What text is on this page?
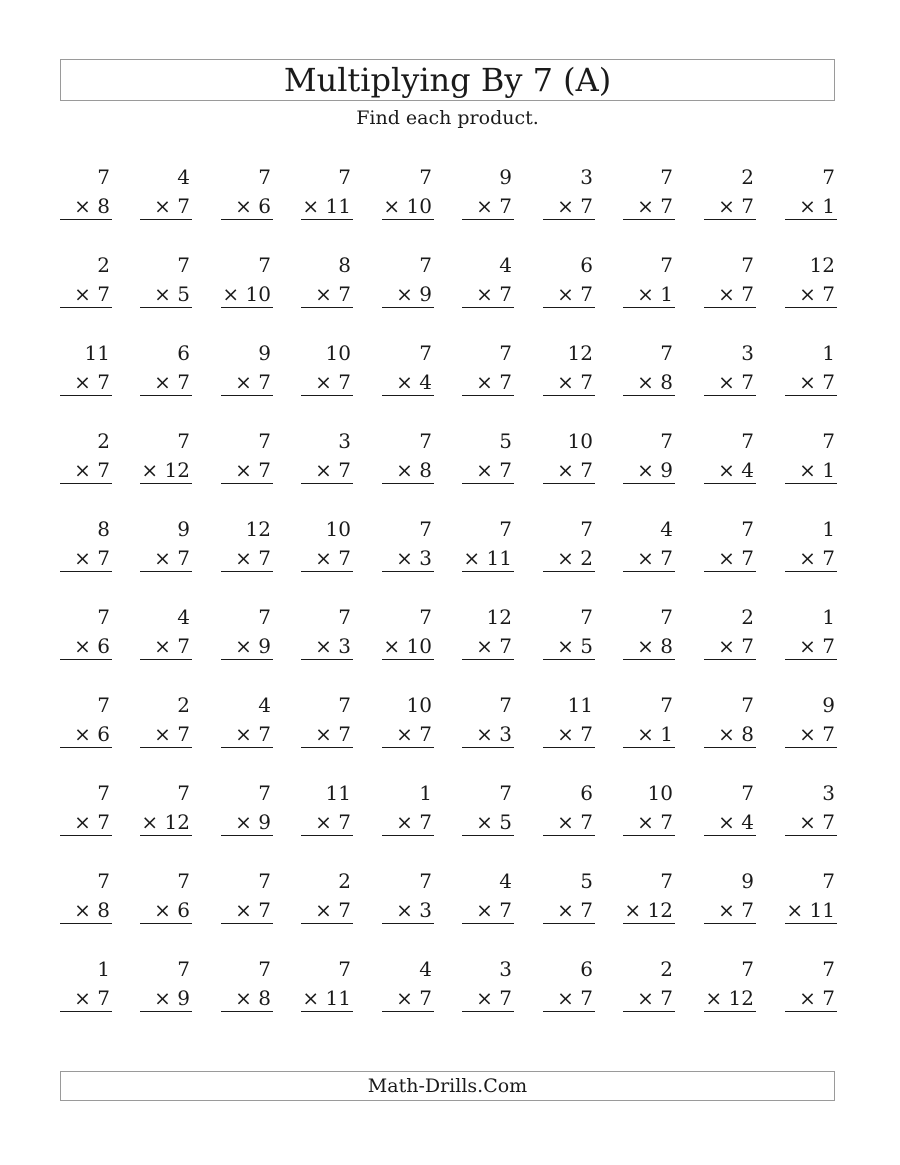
Multiplying By 7 (A)
Find each product.
7
× 8
4
× 7
7
× 6
7
× 11
7
× 10
9
× 7
3
× 7
7
× 7
2
× 7
7
× 1
2
× 7
7
× 5
7
× 10
8
× 7
7
× 9
4
× 7
6
× 7
7
× 1
7
× 7
12
× 7
11
× 7
6
× 7
9
× 7
10
× 7
7
× 4
7
× 7
12
× 7
7
× 8
3
× 7
1
× 7
2
× 7
7
× 12
7
× 7
3
× 7
7
× 8
5
× 7
10
× 7
7
× 9
7
× 4
7
× 1
8
× 7
9
× 7
12
× 7
10
× 7
7
× 3
7
× 11
7
× 2
4
× 7
7
× 7
1
× 7
7
× 6
4
× 7
7
× 9
7
× 3
7
× 10
12
× 7
7
× 5
7
× 8
2
× 7
1
× 7
7
× 6
2
× 7
4
× 7
7
× 7
10
× 7
7
× 3
11
× 7
7
× 1
7
× 8
9
× 7
7
× 7
7
× 12
7
× 9
11
× 7
1
× 7
7
× 5
6
× 7
10
× 7
7
× 4
3
× 7
7
× 8
7
× 6
7
× 7
2
× 7
7
× 3
4
× 7
5
× 7
7
× 12
9
× 7
7
× 11
1
× 7
7
× 9
7
× 8
7
× 11
4
× 7
3
× 7
6
× 7
2
× 7
7
× 12
7
× 7
Math-Drills.Com
